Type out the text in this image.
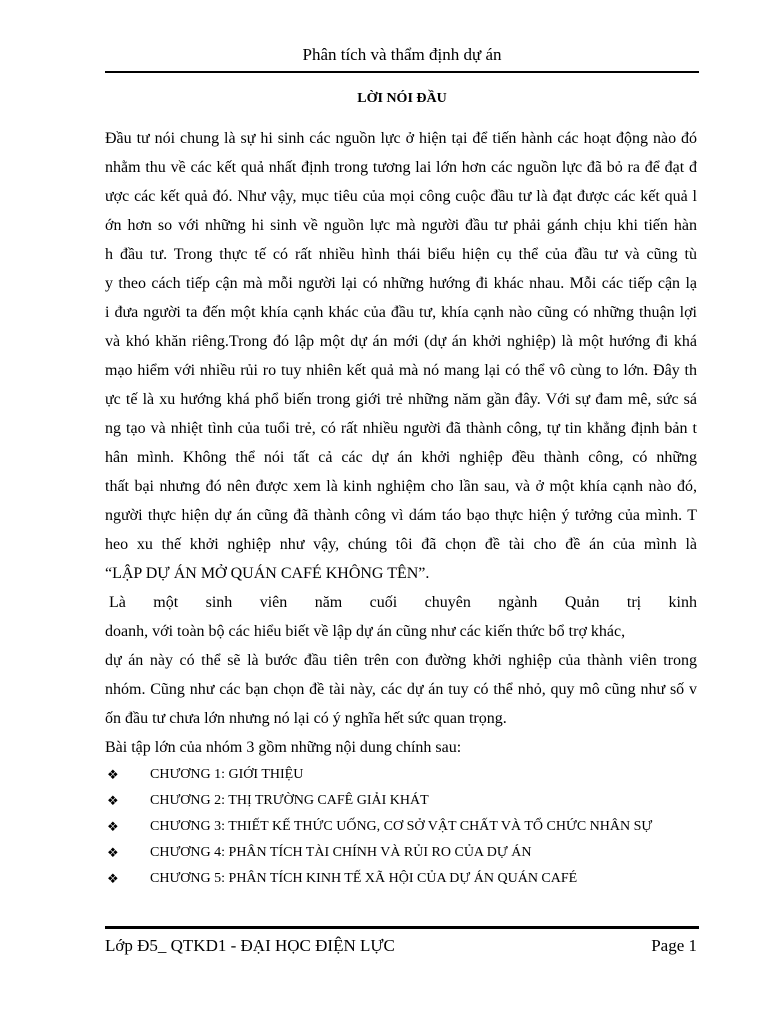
Phân tích và thẩm định dự án
LỜI NÓI ĐẦU
Đầu tư nói chung là sự hi sinh các nguồn lực ở hiện tại để tiến hành các hoạt động nào đó
nhằm thu về các kết quả nhất định trong tương lai lớn hơn các nguồn lực đã bỏ ra để đạt đ
ược các kết quả đó. Như vậy, mục tiêu của mọi công cuộc đầu tư là đạt được các kết quả l
ớn hơn so với những hi sinh về nguồn lực mà người đầu tư phải gánh chịu khi tiến hàn
h đầu tư. Trong thực tế có rất nhiều hình thái biểu hiện cụ thể của đầu tư và cũng tù
y theo cách tiếp cận mà mỗi người lại có những hướng đi khác nhau. Mỗi các tiếp cận lạ
i đưa người ta đến một khía cạnh khác của đầu tư, khía cạnh nào cũng có những thuận lợi
và khó khăn riêng.Trong đó lập một dự án mới (dự án khởi nghiệp) là một hướng đi khá
mạo hiểm với nhiều rủi ro tuy nhiên kết quả mà nó mang lại có thể vô cùng to lớn. Đây th
ực tế là xu hướng khá phổ biến trong giới trẻ những năm gần đây. Với sự đam mê, sức sá
ng tạo và nhiệt tình của tuổi trẻ, có rất nhiều người đã thành công, tự tin khẳng định bản t
hân mình. Không thể nói tất cả các dự án khởi nghiệp đều thành công, có những
thất bại nhưng đó nên được xem là kinh nghiệm cho lần sau, và ở một khía cạnh nào đó,
người thực hiện dự án cũng đã thành công vì dám táo bạo thực hiện ý tưởng của mình. T
heo xu thế khởi nghiệp như vậy, chúng tôi đã chọn đề tài cho đề án của mình là
“LẬP DỰ ÁN MỞ QUÁN CAFÉ KHÔNG TÊN”.
Là một sinh viên năm cuối chuyên ngành Quản trị kinh
doanh, với toàn bộ các hiểu biết về lập dự án cũng như các kiến thức bổ trợ khác,
dự án này có thể sẽ là bước đầu tiên trên con đường khởi nghiệp của thành viên trong
nhóm. Cũng như các bạn chọn đề tài này, các dự án tuy có thể nhỏ, quy mô cũng như số v
ốn đầu tư chưa lớn nhưng nó lại có ý nghĩa hết sức quan trọng.
Bài tập lớn của nhóm 3 gồm những nội dung chính sau:
❖	CHƯƠNG 1: GIỚI THIỆU
❖	CHƯƠNG 2: THỊ TRƯỜNG CAFÊ GIẢI KHÁT
❖	CHƯƠNG 3: THIẾT KẾ THỨC UỐNG, CƠ SỞ VẬT CHẤT VÀ TỔ CHỨC NHÂN SỰ
❖	CHƯƠNG 4: PHÂN TÍCH TÀI CHÍNH VÀ RỦI RO CỦA DỰ ÁN
❖	CHƯƠNG 5: PHÂN TÍCH KINH TẾ XÃ HỘI CỦA DỰ ÁN QUÁN CAFÉ
Lớp Đ5_ QTKD1 - ĐẠI HỌC ĐIỆN LỰC	Page 1
